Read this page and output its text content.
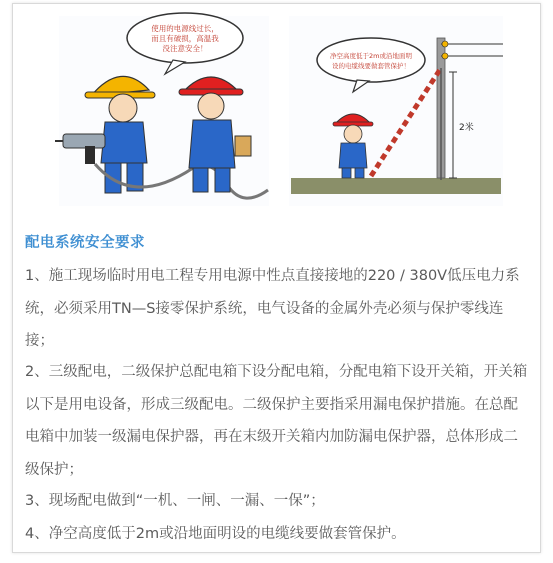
使用的电源线过长，
而且有破损，高温我
没注意安全！
2米
净空高度低于2m或沿地面明
设的电缆线要做套管保护！
配电系统安全要求

1、施工现场临时用电工程专用电源中性点直接接地的220 / 380V低压电力系统，必须采用TN—S接零保护系统，电气设备的金属外壳必须与保护零线连接；

2、三级配电，二级保护总配电箱下设分配电箱，分配电箱下设开关箱，开关箱以下是用电设备，形成三级配电。二级保护主要指采用漏电保护措施。在总配电箱中加装一级漏电保护器，再在末级开关箱内加防漏电保护器，总体形成二级保护；

3、现场配电做到“一机、一闸、一漏、一保”；

4、净空高度低于2m或沿地面明设的电缆线要做套管保护。
